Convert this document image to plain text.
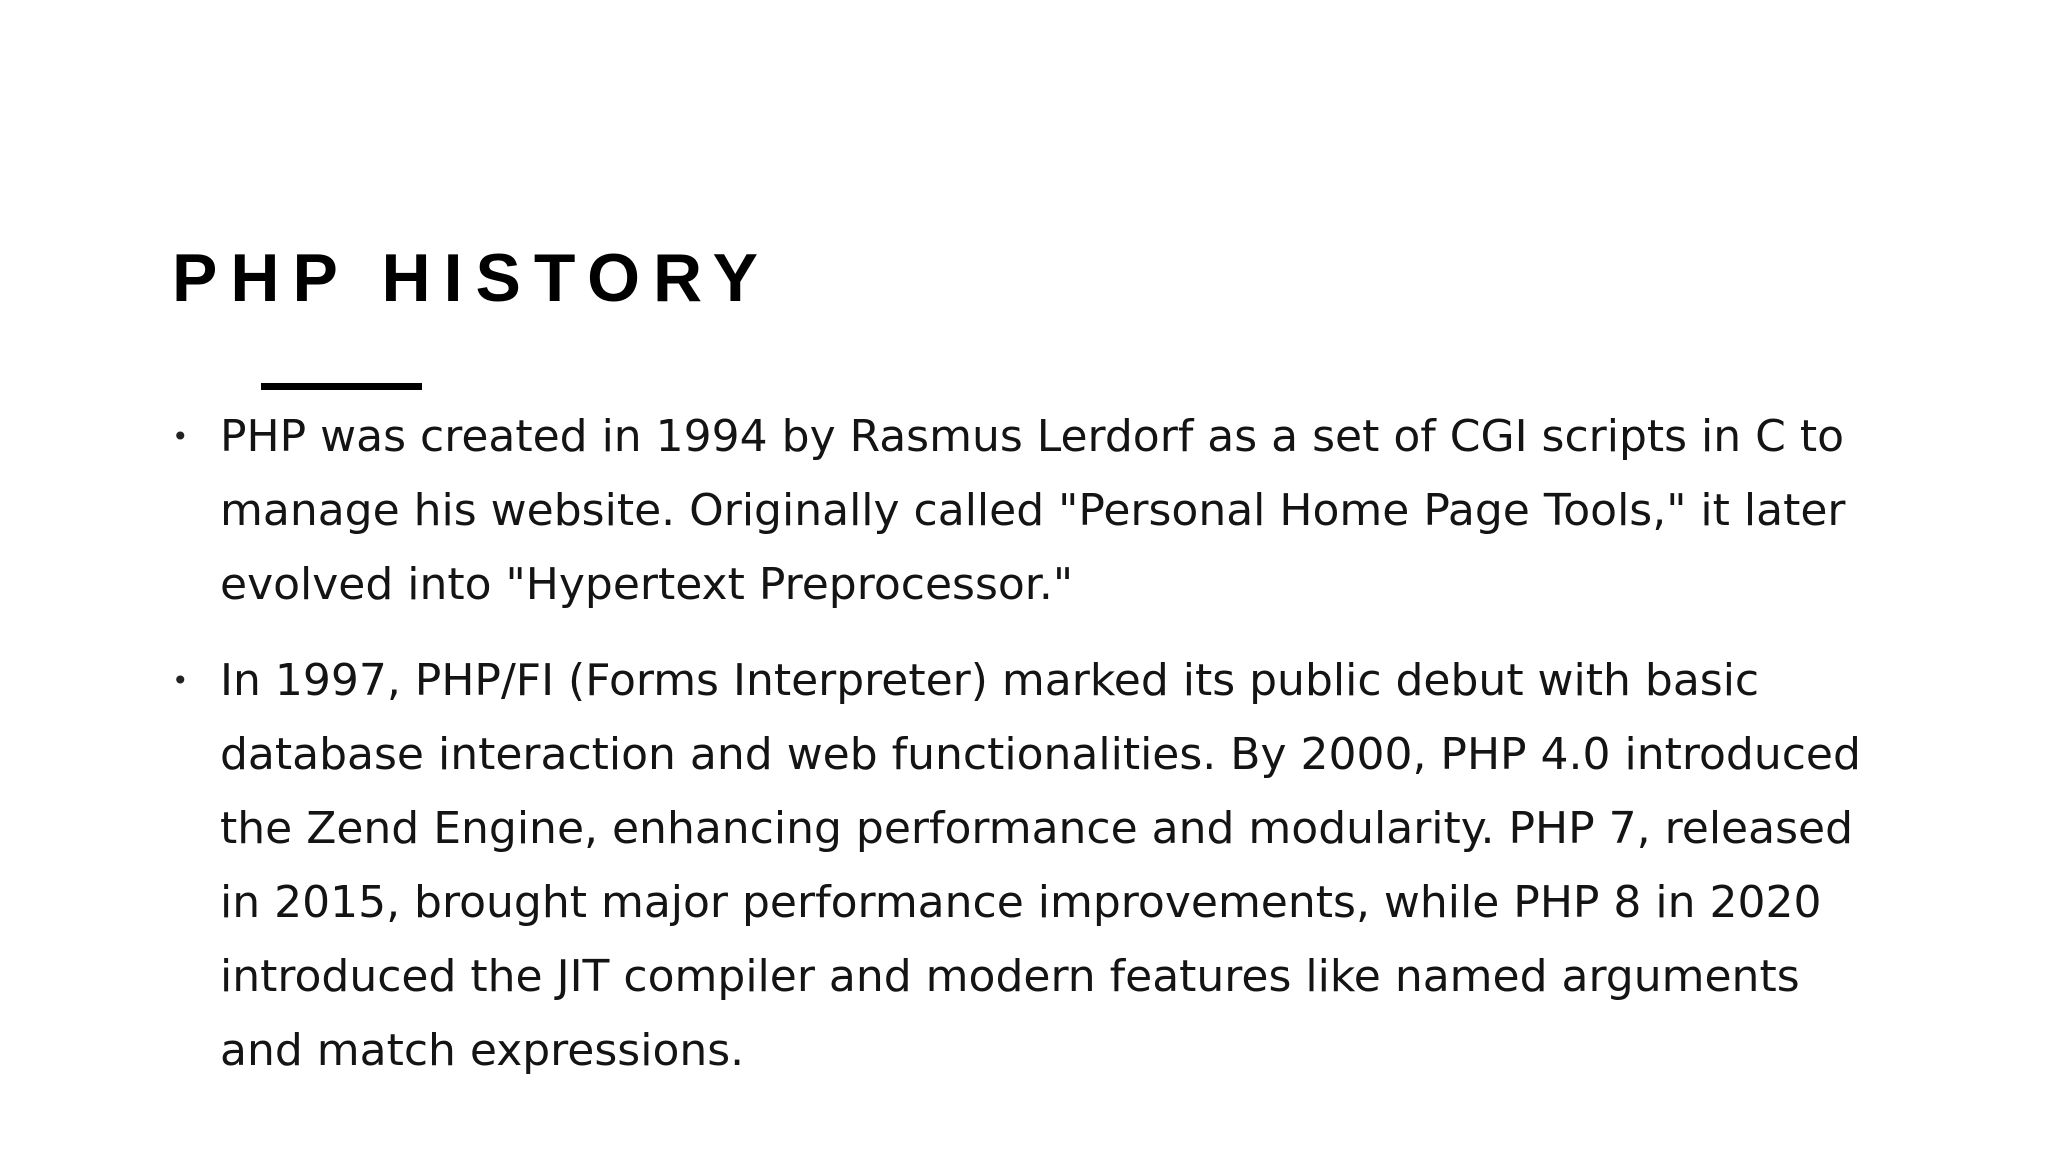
PHP HISTORY
• PHP was created in 1994 by Rasmus Lerdorf as a set of CGI scripts in C to manage his website. Originally called "Personal Home Page Tools," it later evolved into "Hypertext Preprocessor."
• In 1997, PHP/FI (Forms Interpreter) marked its public debut with basic database interaction and web functionalities. By 2000, PHP 4.0 introduced the Zend Engine, enhancing performance and modularity. PHP 7, released in 2015, brought major performance improvements, while PHP 8 in 2020 introduced the JIT compiler and modern features like named arguments and match expressions.
